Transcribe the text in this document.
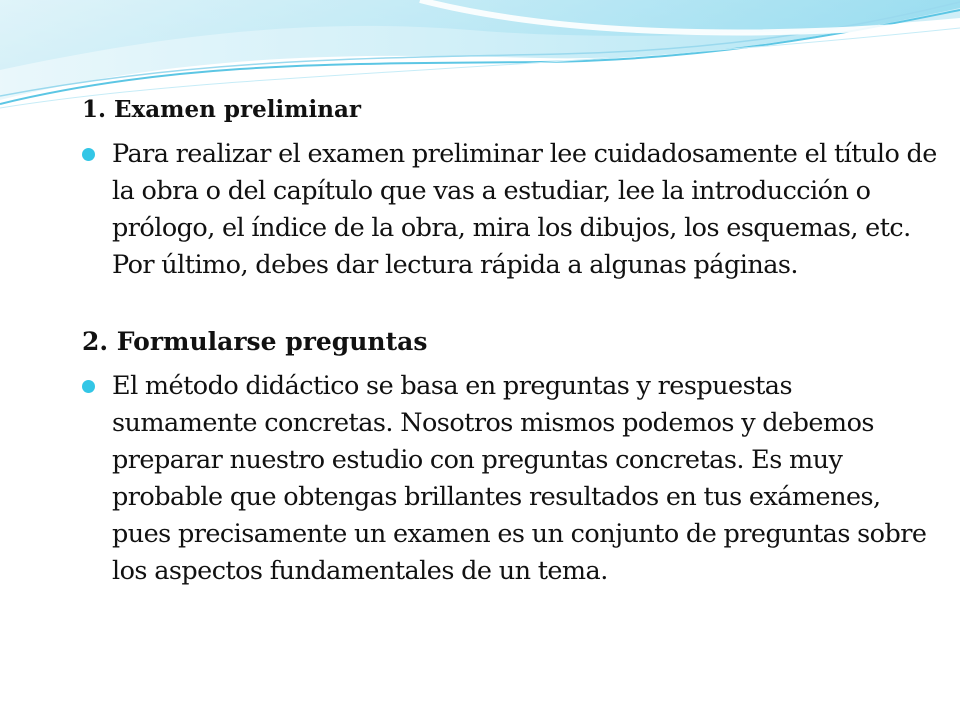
1. Examen preliminar
Para realizar el examen preliminar lee cuidadosamente el título de la obra o del capítulo que vas a estudiar, lee la introducción o prólogo, el índice de la obra, mira los dibujos, los esquemas, etc. Por último, debes dar lectura rápida a algunas páginas.
2. Formularse preguntas
El método didáctico se basa en preguntas y respuestas sumamente concretas. Nosotros mismos podemos y debemos preparar nuestro estudio con preguntas concretas. Es muy probable que obtengas brillantes resultados en tus exámenes, pues precisamente un examen es un conjunto de preguntas sobre los aspectos fundamentales de un tema.
